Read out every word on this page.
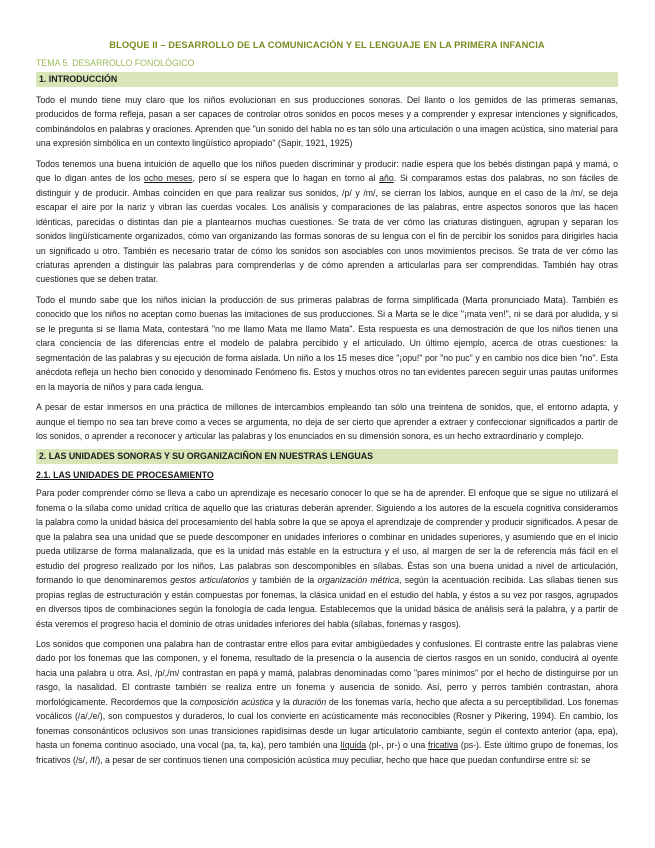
BLOQUE II – DESARROLLO DE LA COMUNICACIÓN Y EL LENGUAJE EN LA PRIMERA INFANCIA
TEMA 5. DESARROLLO FONOLÓGICO
1. INTRODUCCIÓN

Todo el mundo tiene muy claro que los niños evolucionan en sus producciones sonoras. Del llanto o los gemidos de las primeras semanas, producidos de forma refleja, pasan a ser capaces de controlar otros sonidos en pocos meses y a comprender y expresar intenciones y significados, combinándolos en palabras y oraciones. Aprenden que "un sonido del habla no es tan sólo una articulación o una imagen acústica, sino material para una expresión simbólica en un contexto lingüístico apropiado" (Sapir, 1921, 1925)

Todos tenemos una buena intuición de aquello que los niños pueden discriminar y producir: nadie espera que los bebés distingan papá y mamá, o que lo digan antes de los ocho meses, pero sí se espera que lo hagan en torno al año. Si comparamos estas dos palabras, no son fáciles de distinguir y de producir. Ambas coinciden en que para realizar sus sonidos, /p/ y /m/, se cierran los labios, aunque en el caso de la /m/, se deja escapar el aire por la nariz y vibran las cuerdas vocales. Los análisis y comparaciones de las palabras, entre aspectos sonoros que las hacen idénticas, parecidas o distintas dan pie a plantearnos muchas cuestiones. Se trata de ver cómo las criaturas distinguen, agrupan y separan los sonidos lingüísticamente organizados, cómo van organizando las formas sonoras de su lengua con el fin de percibir los sonidos para dirigirles hacia un significado u otro. También es necesario tratar de cómo los sonidos son asociables con unos movimientos precisos. Se trata de ver cómo las criaturas aprenden a distinguir las palabras para comprenderlas y de cómo aprenden a articularlas para ser comprendidas. También hay otras cuestiones que se deben tratar.

Todo el mundo sabe que los niños inician la producción de sus primeras palabras de forma simplificada (Marta pronunciado Mata). También es conocido que los niños no aceptan como buenas las imitaciones de sus producciones. Si a Marta se le dice "¡mata ven!", ni se dará por aludida, y si se le pregunta si se llama Mata, contestará "no me llamo Mata me llamo Mata". Esta respuesta es una demostración de que los niños tienen una clara conciencia de las diferencias entre el modelo de palabra percibido y el articulado. Un último ejemplo, acerca de otras cuestiones: la segmentación de las palabras y su ejecución de forma aislada. Un niño a los 15 meses dice "¡opu!" por "no puc" y en cambio nos dice bien "no". Esta anécdota refleja un hecho bien conocido y denominado Fenómeno fis. Estos y muchos otros no tan evidentes parecen seguir unas pautas uniformes en la mayoría de niños y para cada lengua.

A pesar de estar inmersos en una práctica de millones de intercambios empleando tan sólo una treintena de sonidos, que, el entorno adapta, y aunque el tiempo no sea tan breve como a veces se argumenta, no deja de ser cierto que aprender a extraer y confeccionar significados a partir de los sonidos, o aprender a reconocer y articular las palabras y los enunciados en su dimensión sonora, es un hecho extraordinario y complejo.

2. LAS UNIDADES SONORAS Y SU ORGANIZACIÑON EN NUESTRAS LENGUAS
2.1. LAS UNIDADES DE PROCESAMIENTO

Para poder comprender cómo se lleva a cabo un aprendizaje es necesario conocer lo que se ha de aprender. El enfoque que se sigue no utilizará el fonema o la sílaba como unidad crítica de aquello que las criaturas deberán aprender. Siguiendo a los autores de la escuela cognitiva consideramos la palabra como la unidad básica del procesamiento del habla sobre la que se apoya el aprendizaje de comprender y producir significados. A pesar de que la palabra sea una unidad que se puede descomponer en unidades inferiores o combinar en unidades superiores, y asumiendo que en el inicio pueda utilizarse de forma malanalizada, que es la unidad más estable en la estructura y el uso, al margen de ser la de referencia más fácil en el estudio del progreso realizado por los niños. Las palabras son descomponibles en sílabas. Éstas son una buena unidad a nivel de articulación, formando lo que denominaremos gestos articulatorios y también de la organización métrica, según la acentuación recibida. Las sílabas tienen sus propias reglas de estructuración y están compuestas por fonemas, la clásica unidad en el estudio del habla, y éstos a su vez por rasgos, agrupados en diversos tipos de combinaciones según la fonología de cada lengua. Establecemos que la unidad básica de análisis será la palabra, y a partir de ésta veremos el progreso hacia el dominio de otras unidades inferiores del habla (sílabas, fonemas y rasgos).

Los sonidos que componen una palabra han de contrastar entre ellos para evitar ambigüedades y confusiones. El contraste entre las palabras viene dado por los fonemas que las componen, y el fonema, resultado de la presencia o la ausencia de ciertos rasgos en un sonido, conducirá al oyente hacia una palabra u otra. Así, /p/,/m/ contrastan en papá y mamá, palabras denominadas como "pares mínimos" por el hecho de distinguirse por un rasgo, la nasalidad. El contraste también se realiza entre un fonema y ausencia de sonido. Así, perro y perros también contrastan, ahora morfológicamente. Recordemos que la composición acústica y la duración de los fonemas varía, hecho que afecta a su perceptibilidad. Los fonemas vocálicos (/a/,/e/), son compuestos y duraderos, lo cual los convierte en acústicamente más reconocibles (Rosner y Pikering, 1994). En cambio, los fonemas consonánticos oclusivos son unas transiciones rapidísimas desde un lugar articulatorio cambiante, según el contexto anterior (apa, epa), hasta un fonema continuo asociado, una vocal (pa, ta, ka), pero también una líquida (pl-, pr-) o una fricativa (ps-). Este último grupo de fonemas, los fricativos (/s/, /f/), a pesar de ser continuos tienen una composición acústica muy peculiar, hecho que hace que puedan confundirse entre sí: se
